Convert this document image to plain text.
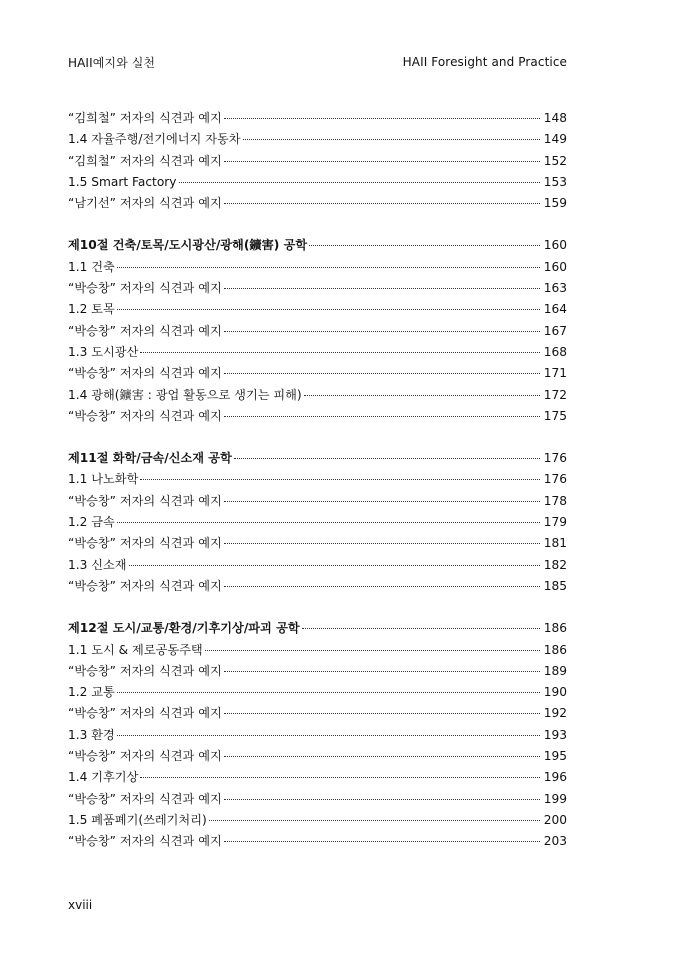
HAII예지와 실천	HAII Foresight and Practice
“김희철” 저자의 식견과 예지	148
1.4 자율주행/전기에너지 자동차	149
“김희철” 저자의 식견과 예지	152
1.5 Smart Factory	153
“남기선” 저자의 식견과 예지	159
제10절 건축/토목/도시광산/광해(鑛害) 공학	160
1.1 건축	160
“박승창” 저자의 식견과 예지	163
1.2 토목	164
“박승창” 저자의 식견과 예지	167
1.3 도시광산	168
“박승창” 저자의 식견과 예지	171
1.4 광해(鑛害 : 광업 활동으로 생기는 피해)	172
“박승창” 저자의 식견과 예지	175
제11절 화학/금속/신소재 공학	176
1.1 나노화학	176
“박승창” 저자의 식견과 예지	178
1.2 금속	179
“박승창” 저자의 식견과 예지	181
1.3 신소재	182
“박승창” 저자의 식견과 예지	185
제12절 도시/교통/환경/기후기상/파괴 공학	186
1.1 도시 & 제로공동주택	186
“박승창” 저자의 식견과 예지	189
1.2 교통	190
“박승창” 저자의 식견과 예지	192
1.3 환경	193
“박승창” 저자의 식견과 예지	195
1.4 기후기상	196
“박승창” 저자의 식견과 예지	199
1.5 폐품폐기(쓰레기처리)	200
“박승창” 저자의 식견과 예지	203
xviii
